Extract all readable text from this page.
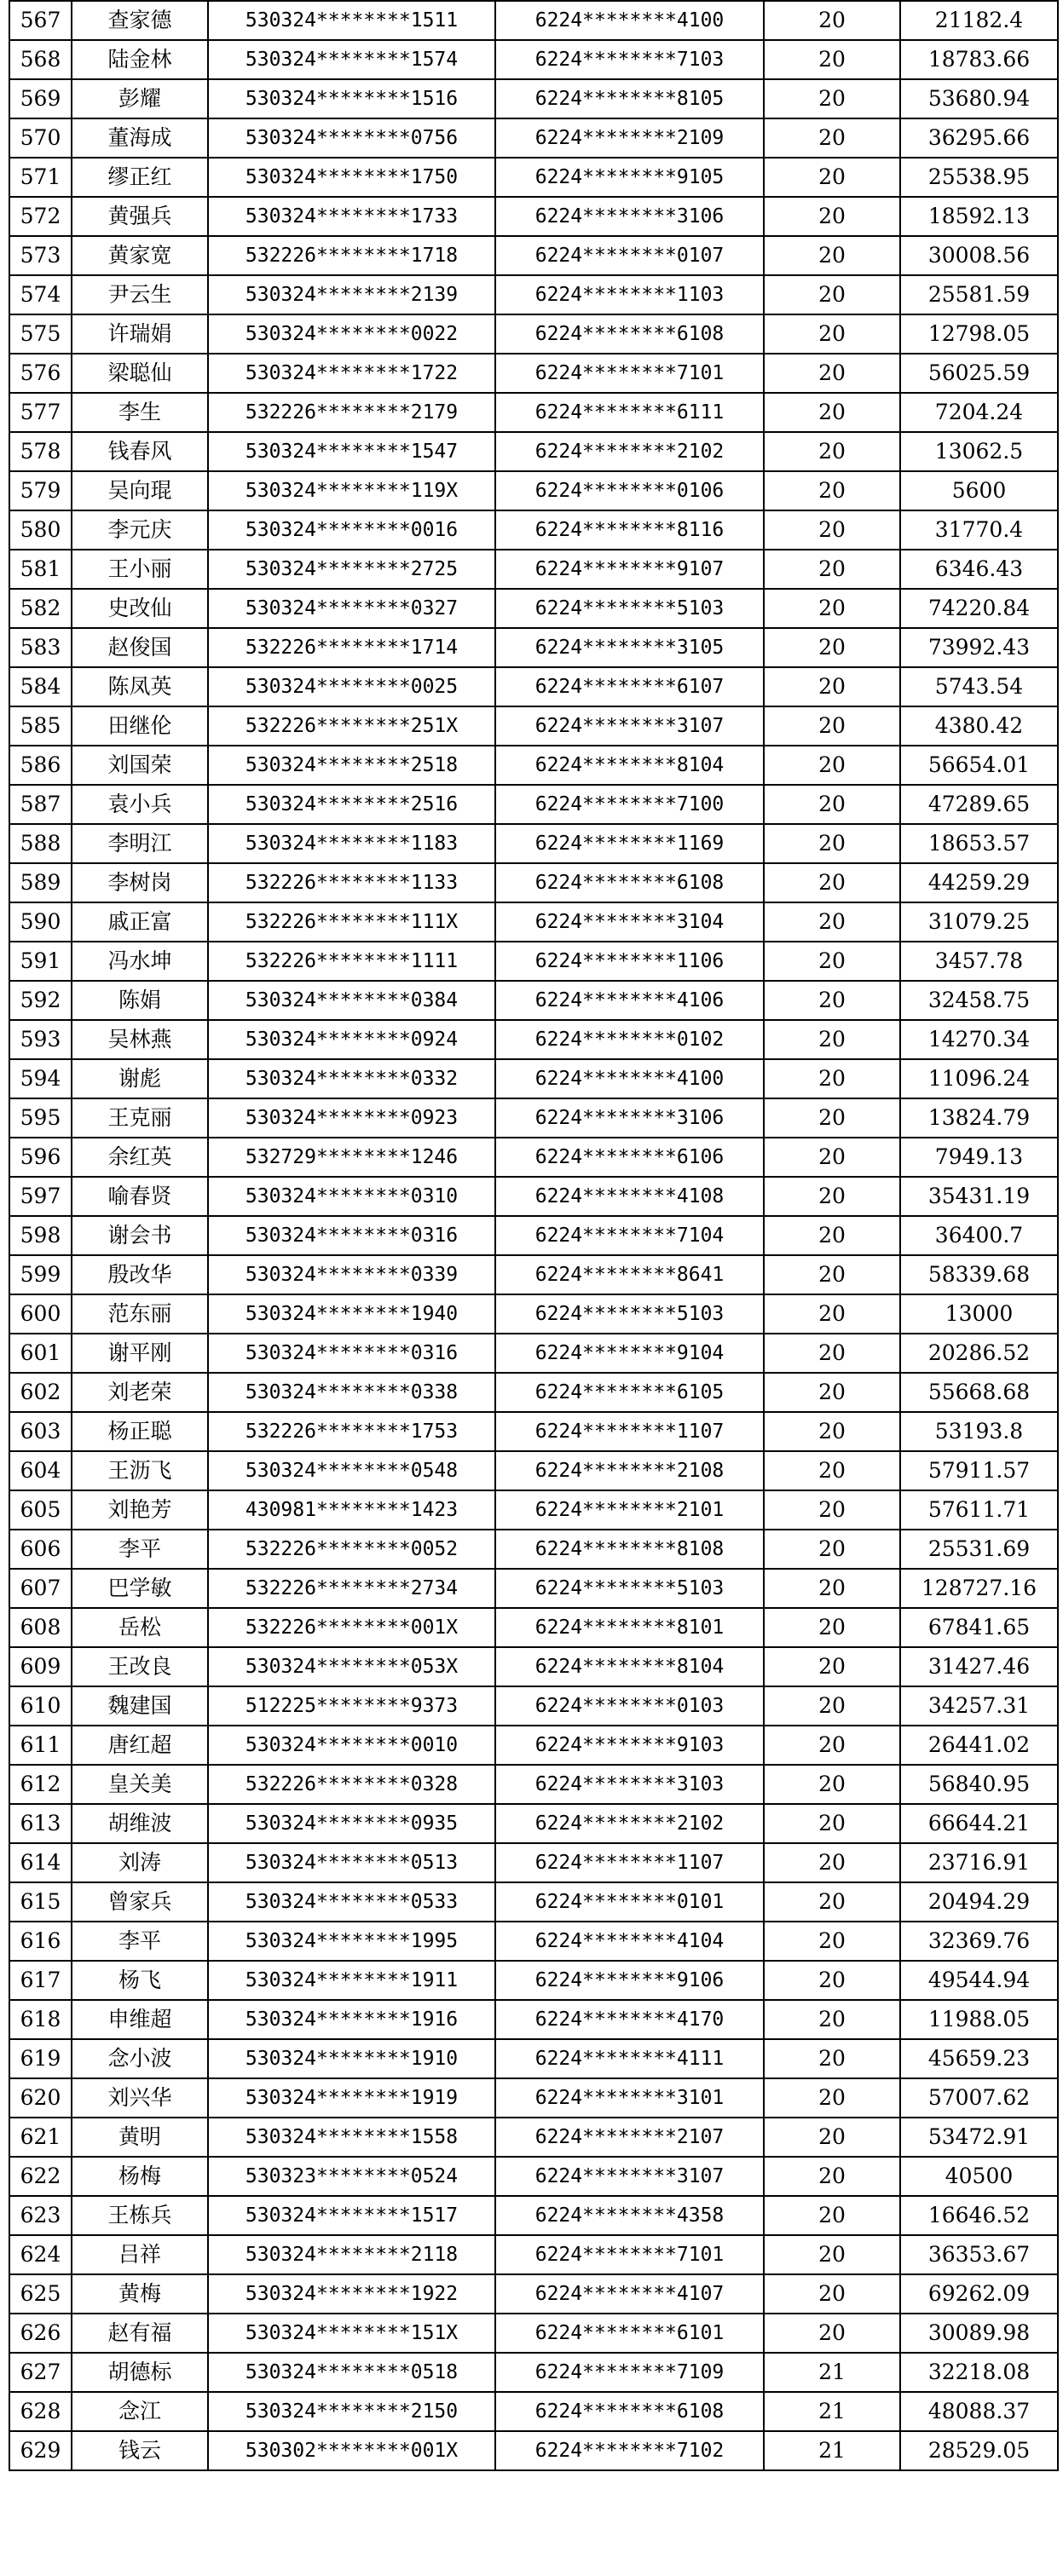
567	查家德	530324********1511	6224********4100	20	21182.4
568	陆金林	530324********1574	6224********7103	20	18783.66
569	彭耀	530324********1516	6224********8105	20	53680.94
570	董海成	530324********0756	6224********2109	20	36295.66
571	缪正红	530324********1750	6224********9105	20	25538.95
572	黄强兵	530324********1733	6224********3106	20	18592.13
573	黄家宽	532226********1718	6224********0107	20	30008.56
574	尹云生	530324********2139	6224********1103	20	25581.59
575	许瑞娟	530324********0022	6224********6108	20	12798.05
576	梁聪仙	530324********1722	6224********7101	20	56025.59
577	李生	532226********2179	6224********6111	20	7204.24
578	钱春风	530324********1547	6224********2102	20	13062.5
579	吴向琨	530324********119X	6224********0106	20	5600
580	李元庆	530324********0016	6224********8116	20	31770.4
581	王小丽	530324********2725	6224********9107	20	6346.43
582	史改仙	530324********0327	6224********5103	20	74220.84
583	赵俊国	532226********1714	6224********3105	20	73992.43
584	陈凤英	530324********0025	6224********6107	20	5743.54
585	田继伦	532226********251X	6224********3107	20	4380.42
586	刘国荣	530324********2518	6224********8104	20	56654.01
587	袁小兵	530324********2516	6224********7100	20	47289.65
588	李明江	530324********1183	6224********1169	20	18653.57
589	李树岗	532226********1133	6224********6108	20	44259.29
590	戚正富	532226********111X	6224********3104	20	31079.25
591	冯水坤	532226********1111	6224********1106	20	3457.78
592	陈娟	530324********0384	6224********4106	20	32458.75
593	吴林燕	530324********0924	6224********0102	20	14270.34
594	谢彪	530324********0332	6224********4100	20	11096.24
595	王克丽	530324********0923	6224********3106	20	13824.79
596	余红英	532729********1246	6224********6106	20	7949.13
597	喻春贤	530324********0310	6224********4108	20	35431.19
598	谢会书	530324********0316	6224********7104	20	36400.7
599	殷改华	530324********0339	6224********8641	20	58339.68
600	范东丽	530324********1940	6224********5103	20	13000
601	谢平刚	530324********0316	6224********9104	20	20286.52
602	刘老荣	530324********0338	6224********6105	20	55668.68
603	杨正聪	532226********1753	6224********1107	20	53193.8
604	王沥飞	530324********0548	6224********2108	20	57911.57
605	刘艳芳	430981********1423	6224********2101	20	57611.71
606	李平	532226********0052	6224********8108	20	25531.69
607	巴学敏	532226********2734	6224********5103	20	128727.16
608	岳松	532226********001X	6224********8101	20	67841.65
609	王改良	530324********053X	6224********8104	20	31427.46
610	魏建国	512225********9373	6224********0103	20	34257.31
611	唐红超	530324********0010	6224********9103	20	26441.02
612	皇关美	532226********0328	6224********3103	20	56840.95
613	胡维波	530324********0935	6224********2102	20	66644.21
614	刘涛	530324********0513	6224********1107	20	23716.91
615	曾家兵	530324********0533	6224********0101	20	20494.29
616	李平	530324********1995	6224********4104	20	32369.76
617	杨飞	530324********1911	6224********9106	20	49544.94
618	申维超	530324********1916	6224********4170	20	11988.05
619	念小波	530324********1910	6224********4111	20	45659.23
620	刘兴华	530324********1919	6224********3101	20	57007.62
621	黄明	530324********1558	6224********2107	20	53472.91
622	杨梅	530323********0524	6224********3107	20	40500
623	王栋兵	530324********1517	6224********4358	20	16646.52
624	吕祥	530324********2118	6224********7101	20	36353.67
625	黄梅	530324********1922	6224********4107	20	69262.09
626	赵有福	530324********151X	6224********6101	20	30089.98
627	胡德标	530324********0518	6224********7109	21	32218.08
628	念江	530324********2150	6224********6108	21	48088.37
629	钱云	530302********001X	6224********7102	21	28529.05
